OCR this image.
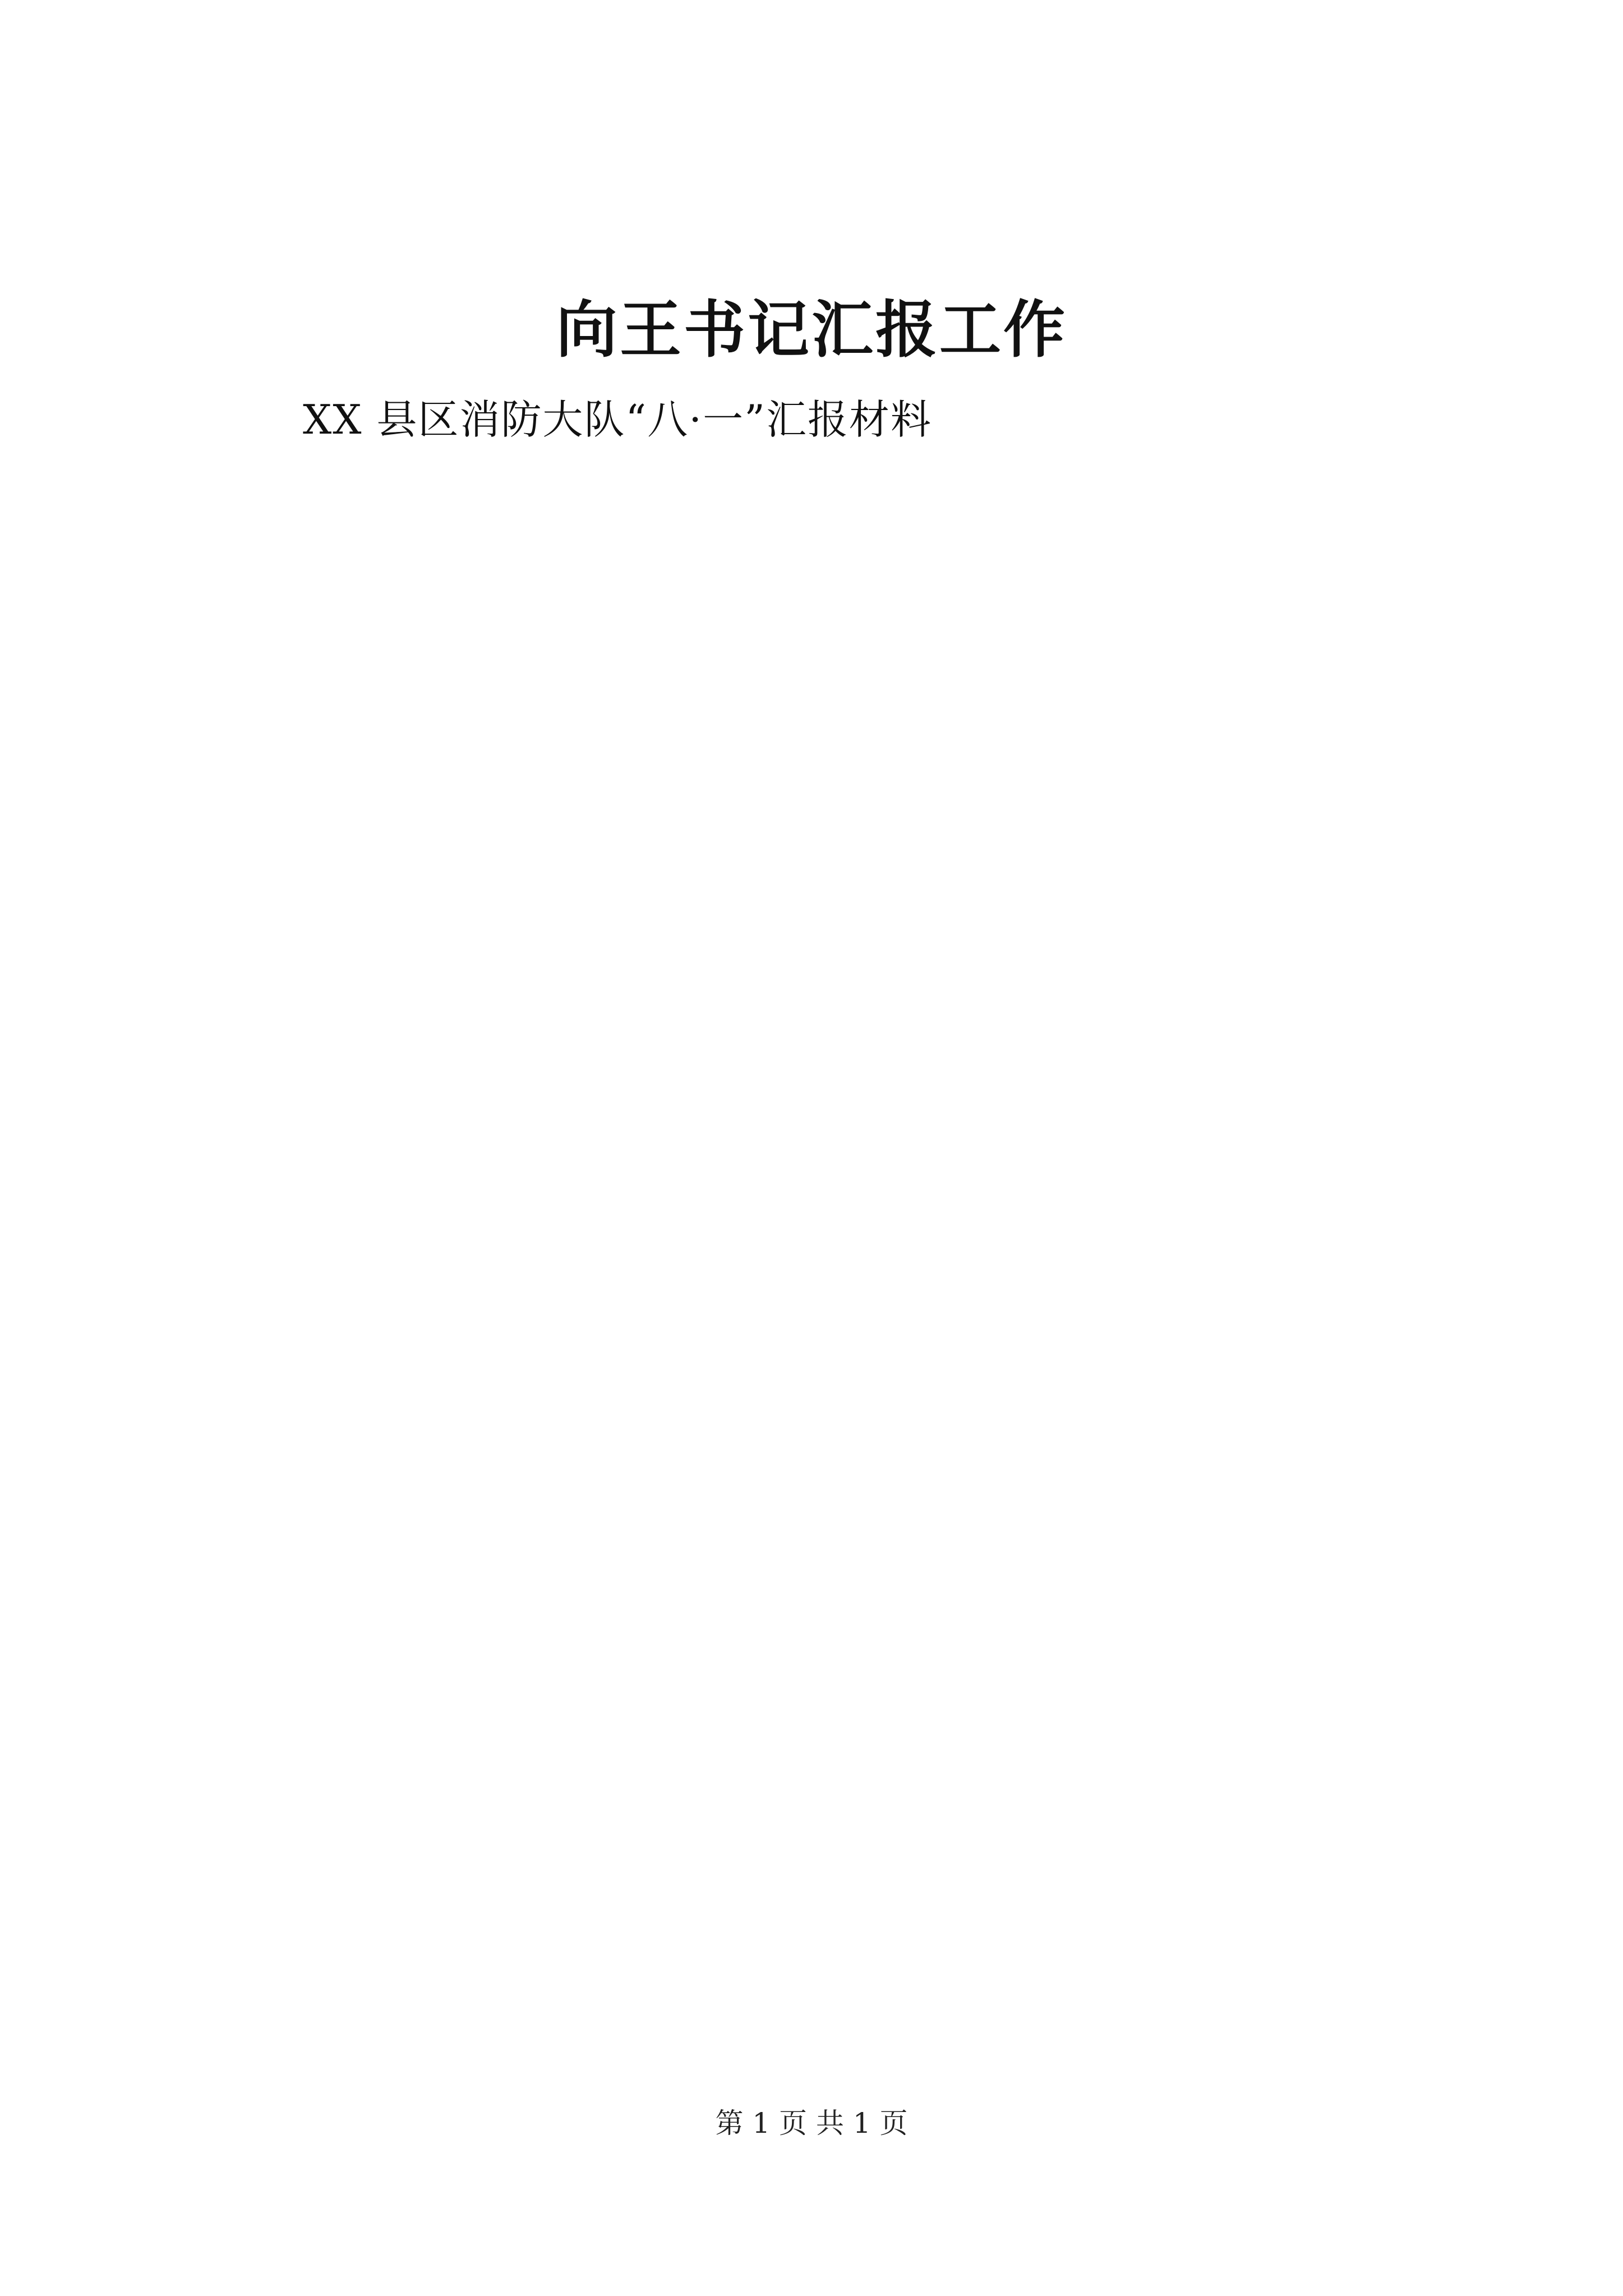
向王书记汇报工作
XX 县区消防大队“八·一”汇报材料
第 1 页 共 1 页
